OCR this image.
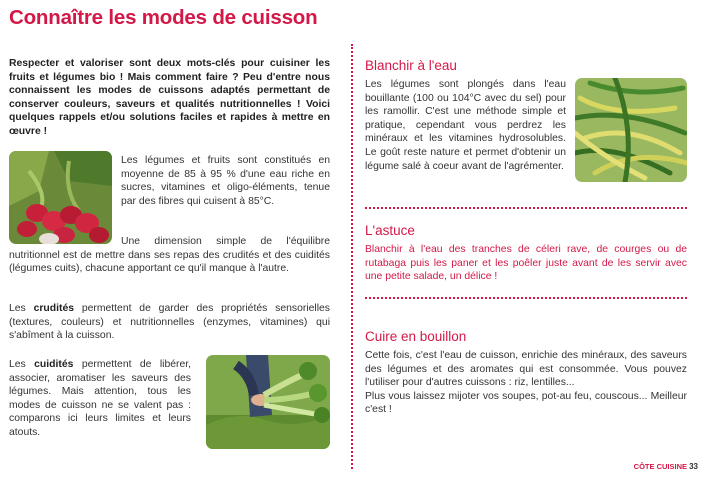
Connaître les modes de cuisson

Respecter et valoriser sont deux mots-clés pour cuisiner les fruits et légumes bio ! Mais comment faire ? Peu d'entre nous connaissent les modes de cuissons adaptés permettant de conserver couleurs, saveurs et qualités nutritionnelles ! Voici quelques rappels et/ou solutions faciles et rapides à mettre en œuvre !

Les légumes et fruits sont constitués en moyenne de 85 à 95 % d'une eau riche en sucres, vitamines et oligo-éléments, tenue par des fibres qui cuisent à 85°C.

Une dimension simple de l'équilibre nutritionnel est de mettre dans ses repas des crudités et des cuidités (légumes cuits), chacune apportant ce qu'il manque à l'autre.

Les crudités permettent de garder des propriétés sensorielles (textures, couleurs) et nutritionnelles (enzymes, vitamines) qui s'abîment à la cuisson.

Les cuidités permettent de libérer, associer, aromatiser les saveurs des légumes. Mais attention, tous les modes de cuisson ne se valent pas : comparons ici leurs limites et leurs atouts.

Blanchir à l'eau

Les légumes sont plongés dans l'eau bouillante (100 ou 104°C avec du sel) pour les ramollir. C'est une méthode simple et pratique, cependant vous perdrez les minéraux et les vitamines hydrosolubles. Le goût reste nature et permet d'obtenir un légume salé à coeur avant de l'agrémenter.

L'astuce

Blanchir à l'eau des tranches de céleri rave, de courges ou de rutabaga puis les paner et les poêler juste avant de les servir avec une petite salade, un délice !

Cuire en bouillon

Cette fois, c'est l'eau de cuisson, enrichie des minéraux, des saveurs des légumes et des aromates qui est consommée. Vous pouvez l'utiliser pour d'autres cuissons : riz, lentilles...
Plus vous laissez mijoter vos soupes, pot-au feu, couscous... Meilleur c'est !

CÔTE CUISINE 33
